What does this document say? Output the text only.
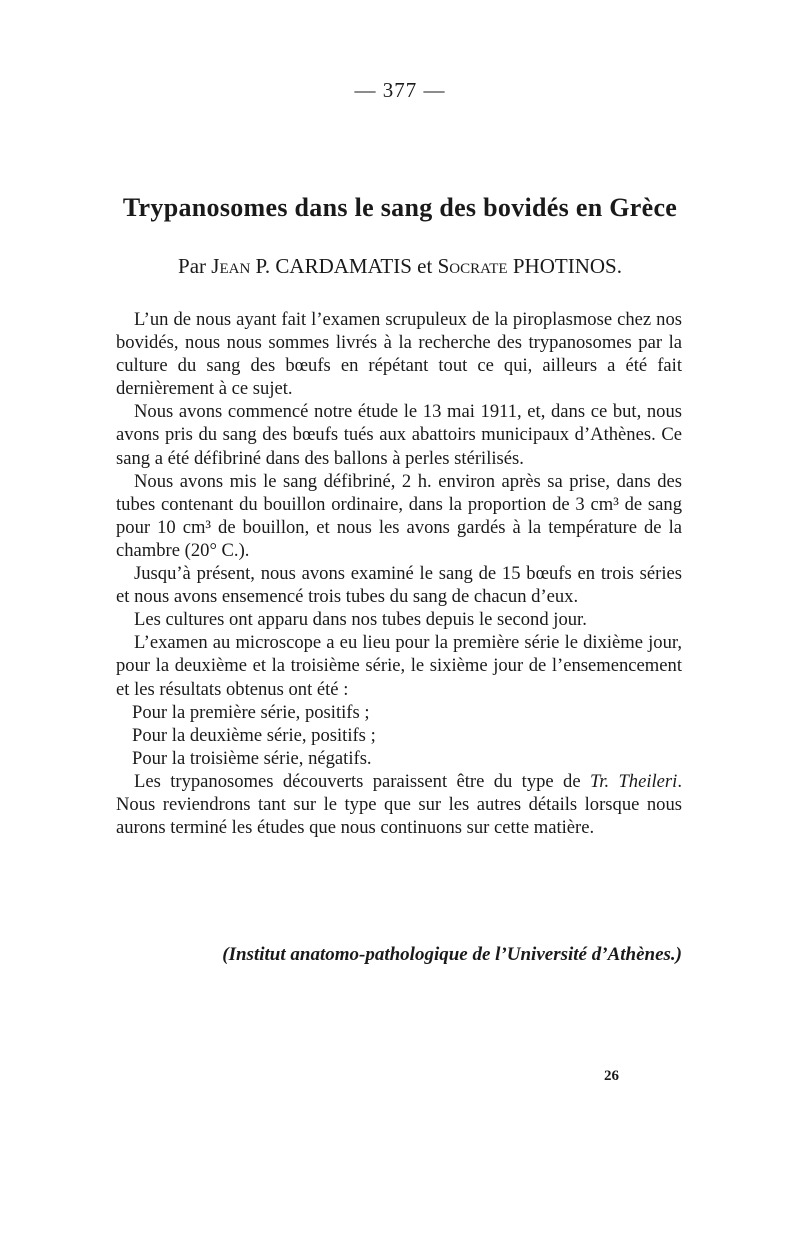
— 377 —
Trypanosomes dans le sang des bovidés en Grèce
Par Jean P. CARDAMATIS et Socrate PHOTINOS.

L’un de nous ayant fait l’examen scrupuleux de la piroplasmose chez nos bovidés, nous nous sommes livrés à la recherche des trypanosomes par la culture du sang des bœufs en répétant tout ce qui, ailleurs a été fait dernièrement à ce sujet.

Nous avons commencé notre étude le 13 mai 1911, et, dans ce but, nous avons pris du sang des bœufs tués aux abattoirs municipaux d’Athènes. Ce sang a été défibriné dans des ballons à perles stérilisés.

Nous avons mis le sang défibriné, 2 h. environ après sa prise, dans des tubes contenant du bouillon ordinaire, dans la proportion de 3 cm³ de sang pour 10 cm³ de bouillon, et nous les avons gardés à la température de la chambre (20° C.).

Jusqu’à présent, nous avons examiné le sang de 15 bœufs en trois séries et nous avons ensemencé trois tubes du sang de chacun d’eux.

Les cultures ont apparu dans nos tubes depuis le second jour.

L’examen au microscope a eu lieu pour la première série le dixième jour, pour la deuxième et la troisième série, le sixième jour de l’ensemencement et les résultats obtenus ont été :

Pour la première série, positifs ;

Pour la deuxième série, positifs ;

Pour la troisième série, négatifs.

Les trypanosomes découverts paraissent être du type de Tr. Theileri. Nous reviendrons tant sur le type que sur les autres détails lorsque nous aurons terminé les études que nous continuons sur cette matière.

(Institut anatomo-pathologique de l’Université d’Athènes.)
26
